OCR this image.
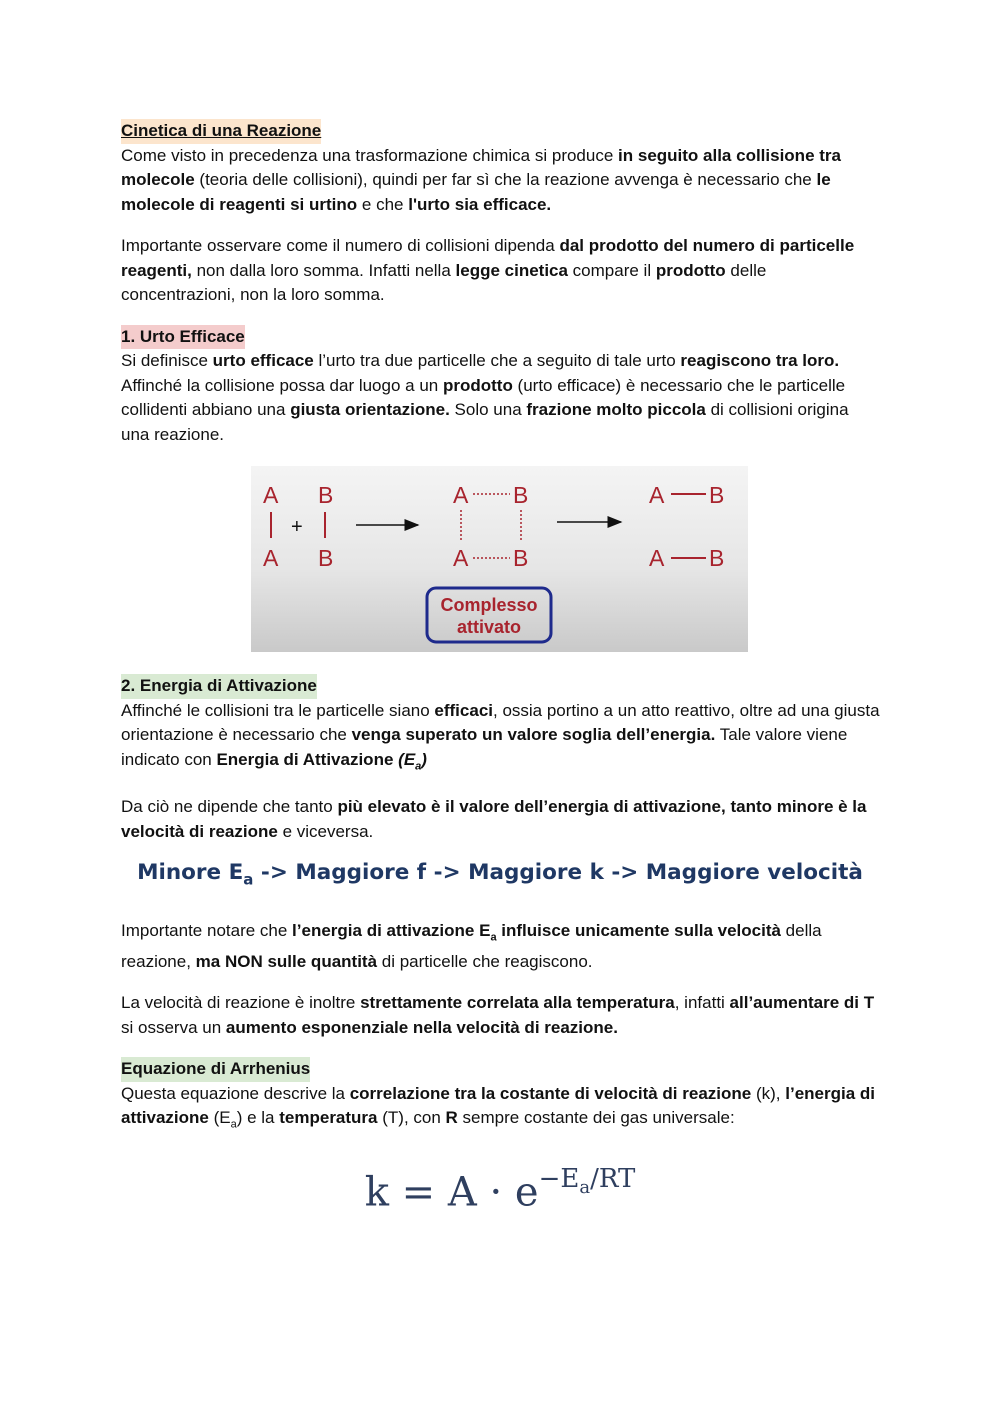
Cinetica di una Reazione

Come visto in precedenza una trasformazione chimica si produce in seguito alla collisione tra molecole (teoria delle collisioni), quindi per far sì che la reazione avvenga è necessario che le molecole di reagenti si urtino e che l'urto sia efficace.

Importante osservare come il numero di collisioni dipenda dal prodotto del numero di particelle reagenti, non dalla loro somma. Infatti nella legge cinetica compare il prodotto delle concentrazioni, non la loro somma.

1. Urto Efficace

Si definisce urto efficace l’urto tra due particelle che a seguito di tale urto reagiscono tra loro. Affinché la collisione possa dar luogo a un prodotto (urto efficace) è necessario che le particelle collidenti abbiano una giusta orientazione. Solo una frazione molto piccola di collisioni origina una reazione.

A B
A B
A B
A B
A B
A B
+
Complesso
attivato
2. Energia di Attivazione

Affinché le collisioni tra le particelle siano efficaci, ossia portino a un atto reattivo, oltre ad una giusta orientazione è necessario che venga superato un valore soglia dell’energia. Tale valore viene indicato con Energia di Attivazione $(E_a)$

Da ciò ne dipende che tanto più elevato è il valore dell’energia di attivazione, tanto minore è la velocità di reazione e viceversa.

Minore $E_a$ -> Maggiore f -> Maggiore k -> Maggiore velocità

Importante notare che l’energia di attivazione $E_a$ influisce unicamente sulla velocità della reazione, ma NON sulle quantità di particelle che reagiscono.

La velocità di reazione è inoltre strettamente correlata alla temperatura, infatti all’aumentare di T si osserva un aumento esponenziale nella velocità di reazione.

Equazione di Arrhenius

Questa equazione descrive la correlazione tra la costante di velocità di reazione (k), l’energia di attivazione $(E_a)$ e la temperatura (T), con R sempre costante dei gas universale:

$k = A \cdot e^{-E_a/RT}$
